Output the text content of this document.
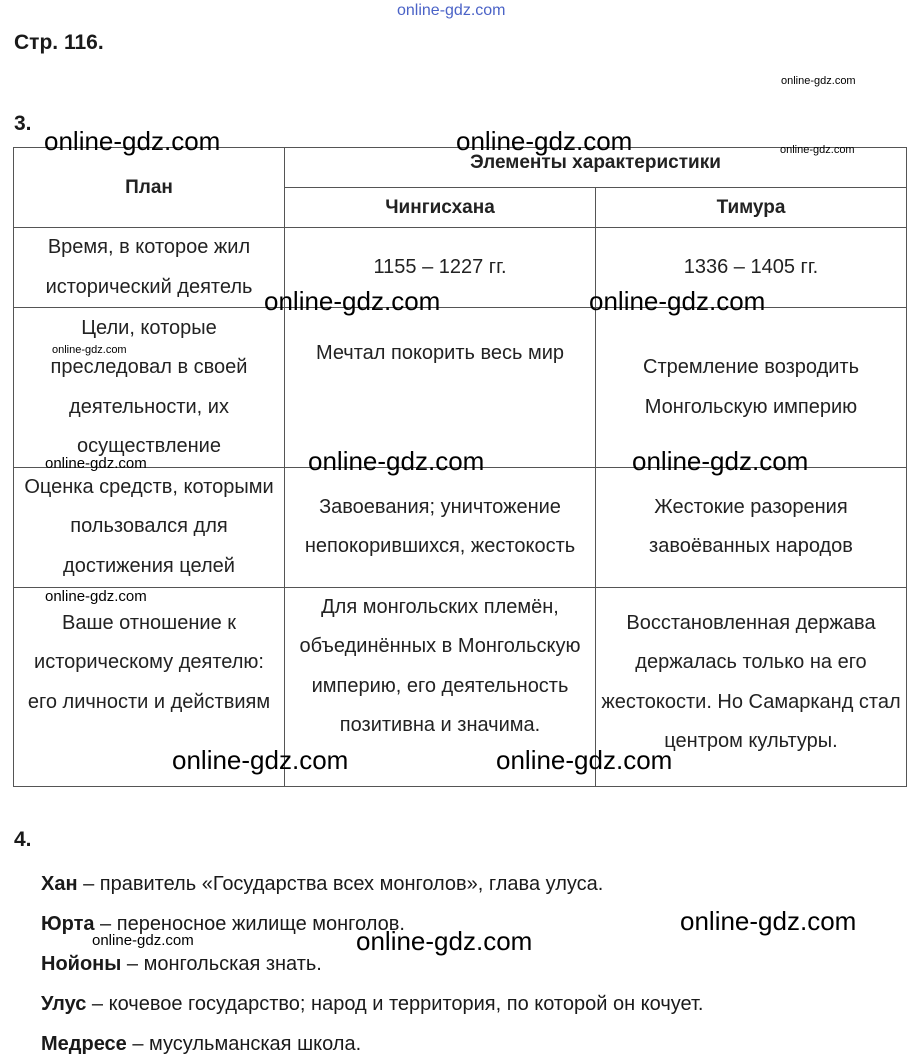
online-gdz.com
Стр. 116.
online-gdz.com
3.
План	Элементы характеристики	
	Чингисхана	Тимура
Время, в которое жил исторический деятель	1155 – 1227 гг.	1336 – 1405 гг.
Цели, которые преследовал в своей деятельности, их осуществление	Мечтал покорить весь мир	Стремление возродить Монгольскую империю
Оценка средств, которыми пользовался для достижения целей	Завоевания; уничтожение непокорившихся, жестокость	Жестокие разорения завоёванных народов
Ваше отношение к историческому деятелю: его личности и действиям	Для монгольских племён, объединённых в Монгольскую империю, его деятельность позитивна и значима.	Восстановленная держава держалась только на его жестокости. Но Самарканд стал центром культуры.
online-gdz.com	online-gdz.com	online-gdz.com
online-gdz.com	online-gdz.com
online-gdz.com
online-gdz.com	online-gdz.com
online-gdz.com
online-gdz.com
online-gdz.com	online-gdz.com
4.
Хан – правитель «Государства всех монголов», глава улуса.
Юрта – переносное жилище монголов.
Нойоны – монгольская знать.
Улус – кочевое государство; народ и территория, по которой он кочует.
Медресе – мусульманская школа.
online-gdz.com
online-gdz.com	online-gdz.com
